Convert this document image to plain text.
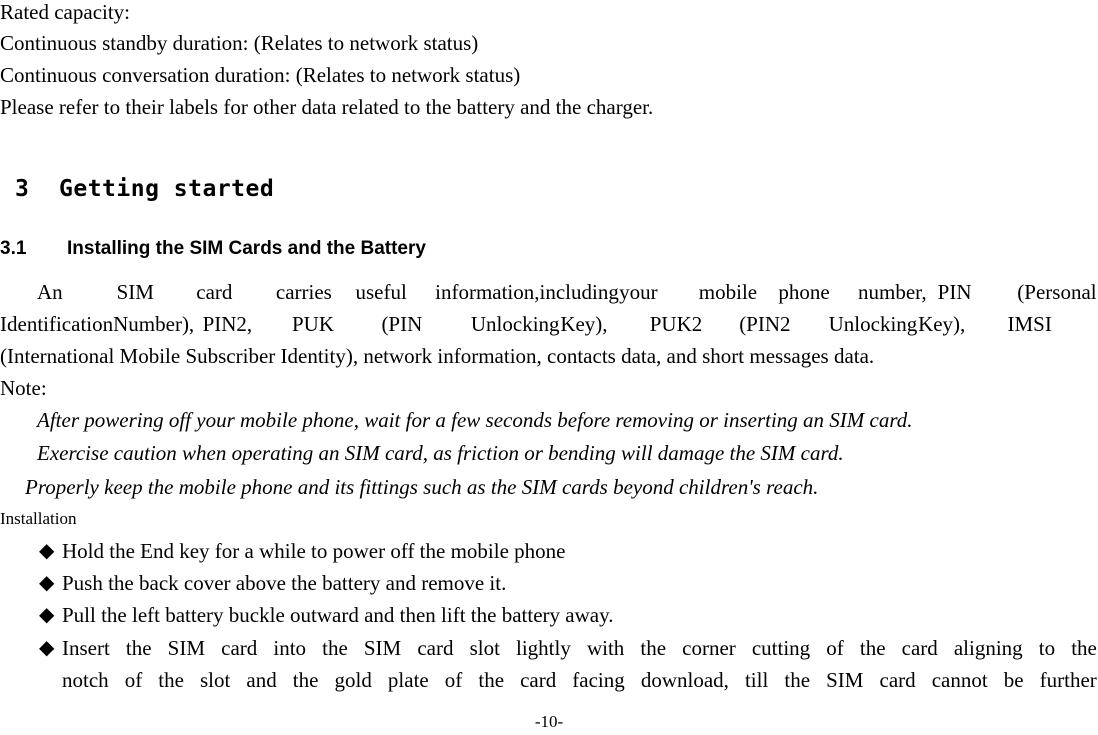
Rated capacity:
Continuous standby duration: (Relates to network status)
Continuous conversation duration: (Relates to network status)
Please refer to their labels for other data related to the battery and the charger.
3 Getting started
3.1 Installing the SIM Cards and the Battery
An	SIM	card	carries	useful	information, including your	mobile	phone	number, PIN	(Personal
Identification Number), PIN2,	PUK	(PIN	Unlocking Key),	PUK2	(PIN2	Unlocking Key),	IMSI
(International Mobile Subscriber Identity), network information, contacts data, and short messages data.
Note:
After powering off your mobile phone, wait for a few seconds before removing or inserting an SIM card.
Exercise caution when operating an SIM card, as friction or bending will damage the SIM card.
Properly keep the mobile phone and its fittings such as the SIM cards beyond children's reach.
Installation
◆ Hold the End key for a while to power off the mobile phone
◆ Push the back cover above the battery and remove it.
◆ Pull the left battery buckle outward and then lift the battery away.
◆ Insert the SIM card into the SIM card slot lightly with the corner cutting of the card aligning to the
notch of the slot and the gold plate of the card facing download, till the SIM card cannot be further
-10-
